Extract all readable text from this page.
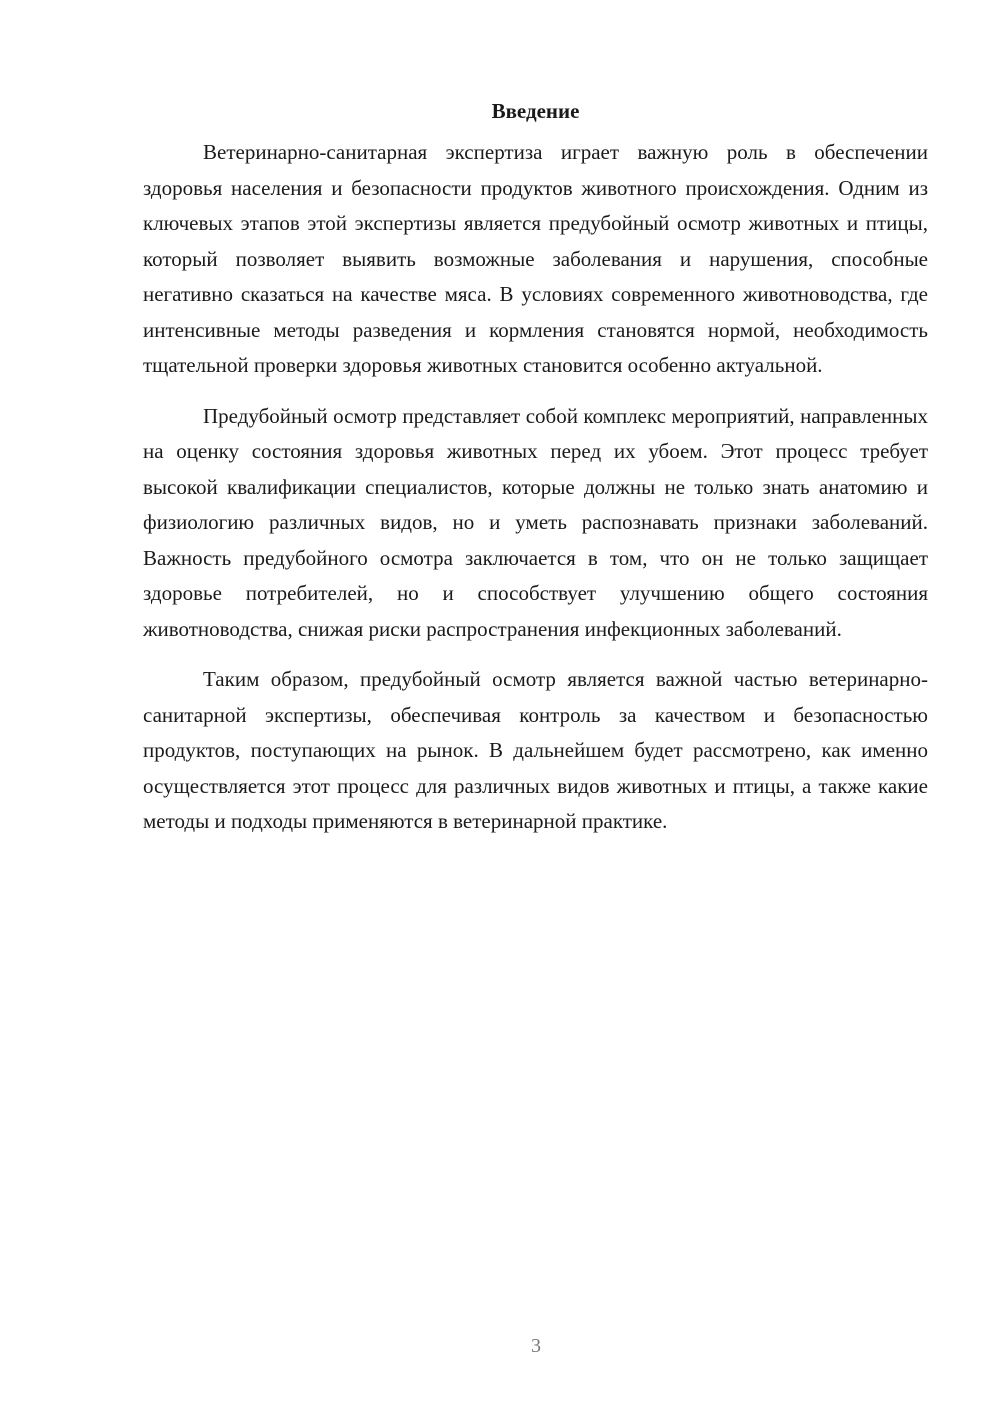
Введение

Ветеринарно-санитарная экспертиза играет важную роль в обеспечении здоровья населения и безопасности продуктов животного происхождения. Одним из ключевых этапов этой экспертизы является предубойный осмотр животных и птицы, который позволяет выявить возможные заболевания и нарушения, способные негативно сказаться на качестве мяса. В условиях современного животноводства, где интенсивные методы разведения и кормления становятся нормой, необходимость тщательной проверки здоровья животных становится особенно актуальной.

Предубойный осмотр представляет собой комплекс мероприятий, направленных на оценку состояния здоровья животных перед их убоем. Этот процесс требует высокой квалификации специалистов, которые должны не только знать анатомию и физиологию различных видов, но и уметь распознавать признаки заболеваний. Важность предубойного осмотра заключается в том, что он не только защищает здоровье потребителей, но и способствует улучшению общего состояния животноводства, снижая риски распространения инфекционных заболеваний.

Таким образом, предубойный осмотр является важной частью ветеринарно-санитарной экспертизы, обеспечивая контроль за качеством и безопасностью продуктов, поступающих на рынок. В дальнейшем будет рассмотрено, как именно осуществляется этот процесс для различных видов животных и птицы, а также какие методы и подходы применяются в ветеринарной практике.

3
